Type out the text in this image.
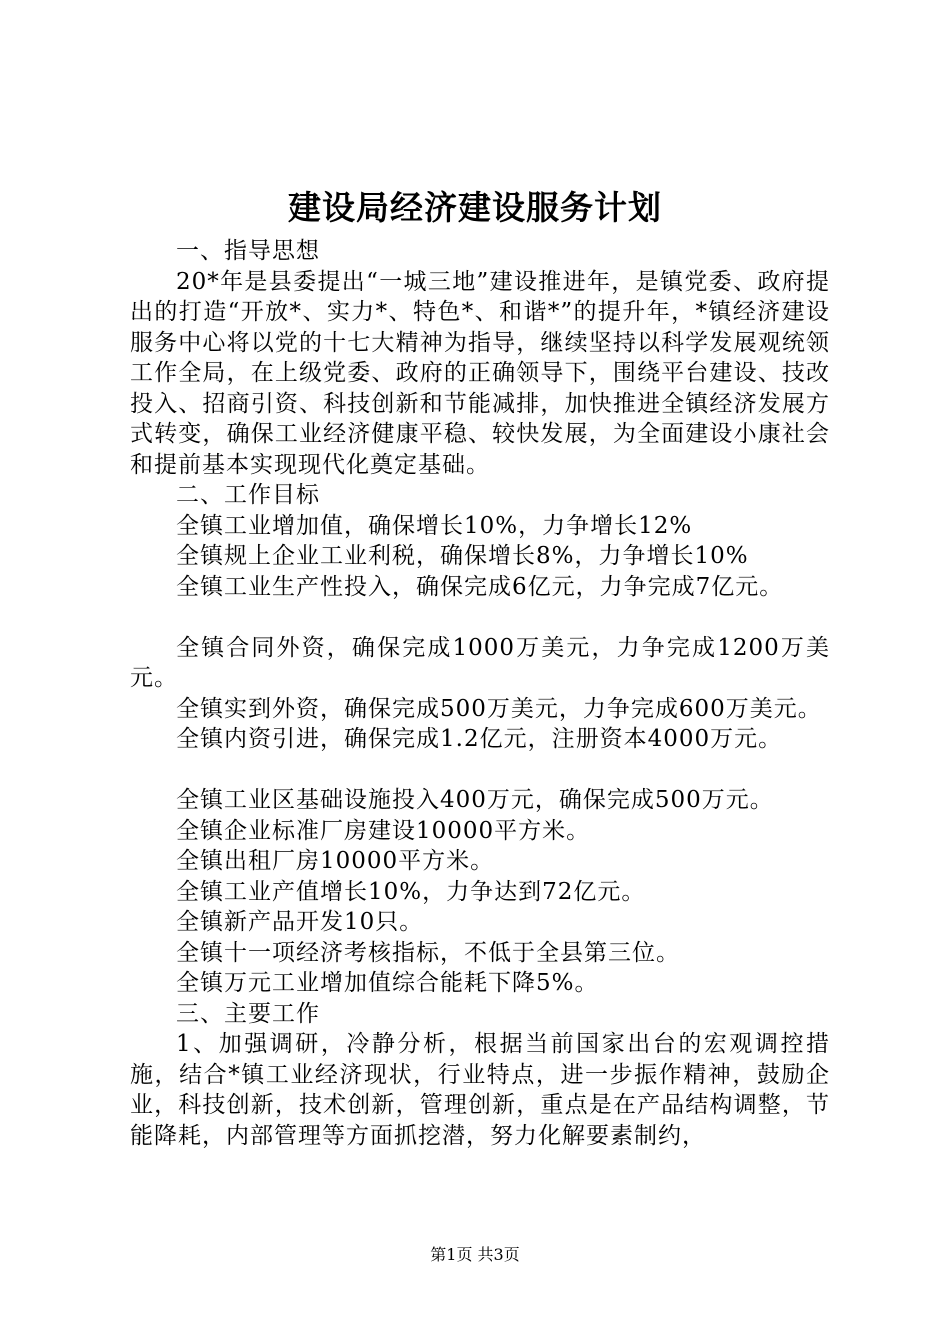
建设局经济建设服务计划
一、指导思想
20*年是县委提出“一城三地”建设推进年，是镇党委、政府提出的打造“开放*、实力*、特色*、和谐*”的提升年，*镇经济建设服务中心将以党的十七大精神为指导，继续坚持以科学发展观统领工作全局，在上级党委、政府的正确领导下，围绕平台建设、技改投入、招商引资、科技创新和节能减排，加快推进全镇经济发展方式转变，确保工业经济健康平稳、较快发展，为全面建设小康社会和提前基本实现现代化奠定基础。
二、工作目标
全镇工业增加值，确保增长10%，力争增长12%
全镇规上企业工业利税，确保增长8%，力争增长10%
全镇工业生产性投入，确保完成6亿元，力争完成7亿元。
全镇合同外资，确保完成1000万美元，力争完成1200万美元。
全镇实到外资，确保完成500万美元，力争完成600万美元。
全镇内资引进，确保完成1.2亿元，注册资本4000万元。
全镇工业区基础设施投入400万元，确保完成500万元。
全镇企业标准厂房建设10000平方米。
全镇出租厂房10000平方米。
全镇工业产值增长10%，力争达到72亿元。
全镇新产品开发10只。
全镇十一项经济考核指标，不低于全县第三位。
全镇万元工业增加值综合能耗下降5%。
三、主要工作
1、加强调研，冷静分析，根据当前国家出台的宏观调控措施，结合*镇工业经济现状，行业特点，进一步振作精神，鼓励企业，科技创新，技术创新，管理创新，重点是在产品结构调整，节能降耗，内部管理等方面抓挖潜，努力化解要素制约，
第1页 共3页
